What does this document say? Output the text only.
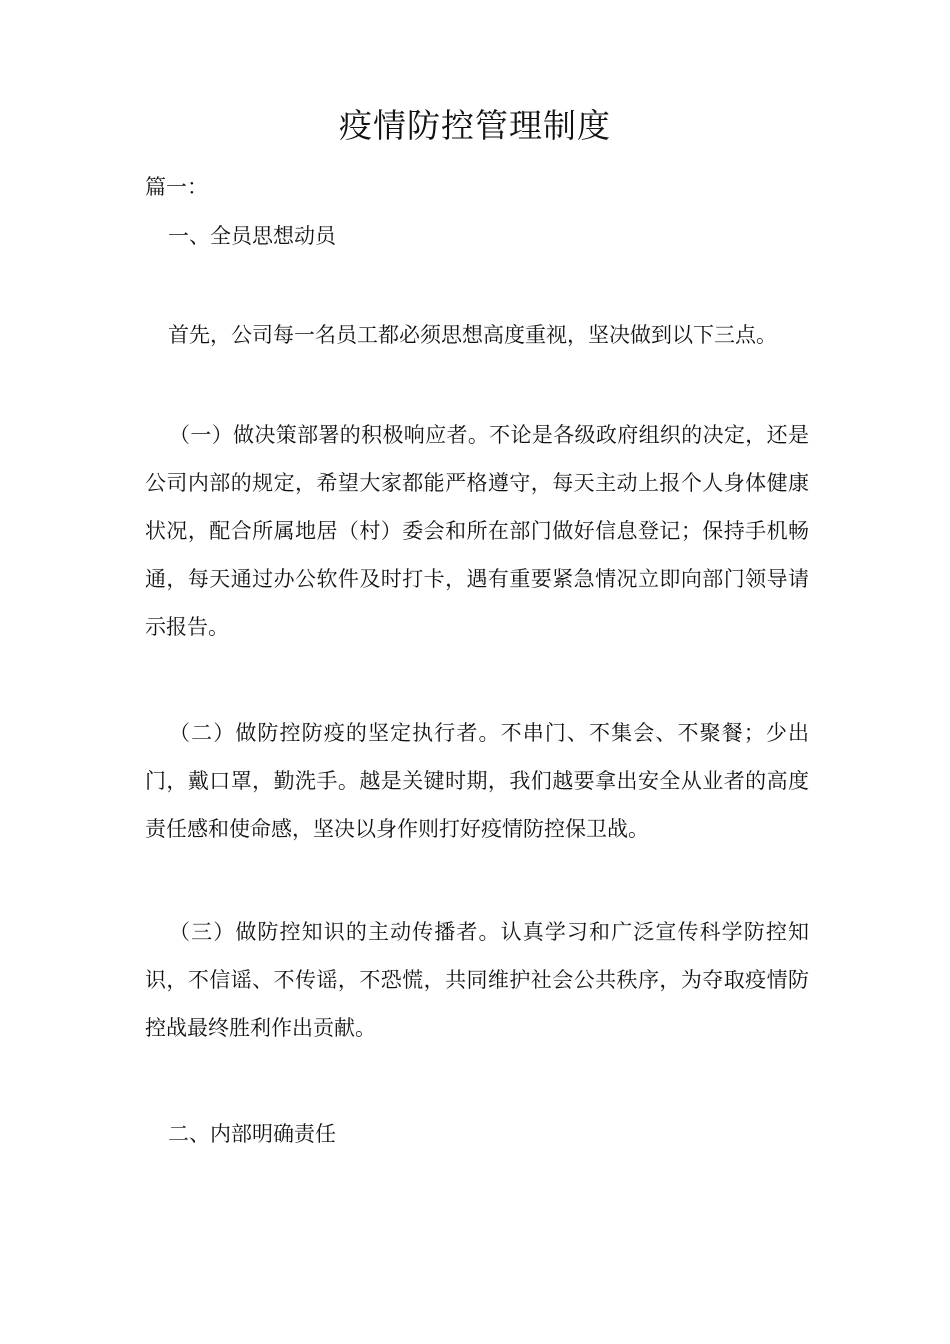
疫情防控管理制度

篇一：

一、全员思想动员

首先，公司每一名员工都必须思想高度重视，坚决做到以下三点。

（一）做决策部署的积极响应者。不论是各级政府组织的决定，还是公司内部的规定，希望大家都能严格遵守，每天主动上报个人身体健康状况，配合所属地居（村）委会和所在部门做好信息登记；保持手机畅通，每天通过办公软件及时打卡，遇有重要紧急情况立即向部门领导请示报告。

（二）做防控防疫的坚定执行者。不串门、不集会、不聚餐；少出门，戴口罩，勤洗手。越是关键时期，我们越要拿出安全从业者的高度责任感和使命感，坚决以身作则打好疫情防控保卫战。

（三）做防控知识的主动传播者。认真学习和广泛宣传科学防控知识，不信谣、不传谣，不恐慌，共同维护社会公共秩序，为夺取疫情防控战最终胜利作出贡献。

二、内部明确责任
